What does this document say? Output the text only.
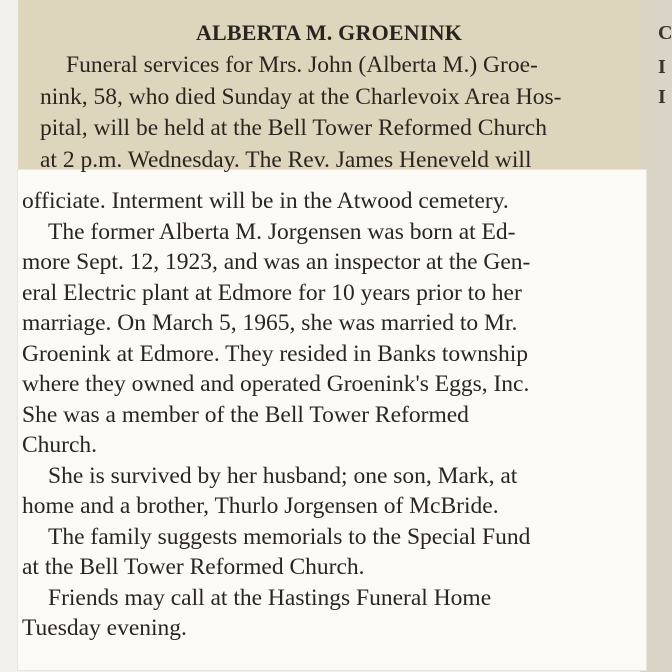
C
I
I
ALBERTA M. GROENINK
Funeral services for Mrs. John (Alberta M.) Groe-
nink, 58, who died Sunday at the Charlevoix Area Hos-
pital, will be held at the Bell Tower Reformed Church
at 2 p.m. Wednesday. The Rev. James Heneveld will
officiate. Interment will be in the Atwood cemetery.
The former Alberta M. Jorgensen was born at Ed-
more Sept. 12, 1923, and was an inspector at the Gen-
eral Electric plant at Edmore for 10 years prior to her
marriage. On March 5, 1965, she was married to Mr.
Groenink at Edmore. They resided in Banks township
where they owned and operated Groenink's Eggs, Inc.
She was a member of the Bell Tower Reformed
Church.
She is survived by her husband; one son, Mark, at
home and a brother, Thurlo Jorgensen of McBride.
The family suggests memorials to the Special Fund
at the Bell Tower Reformed Church.
Friends may call at the Hastings Funeral Home
Tuesday evening.
